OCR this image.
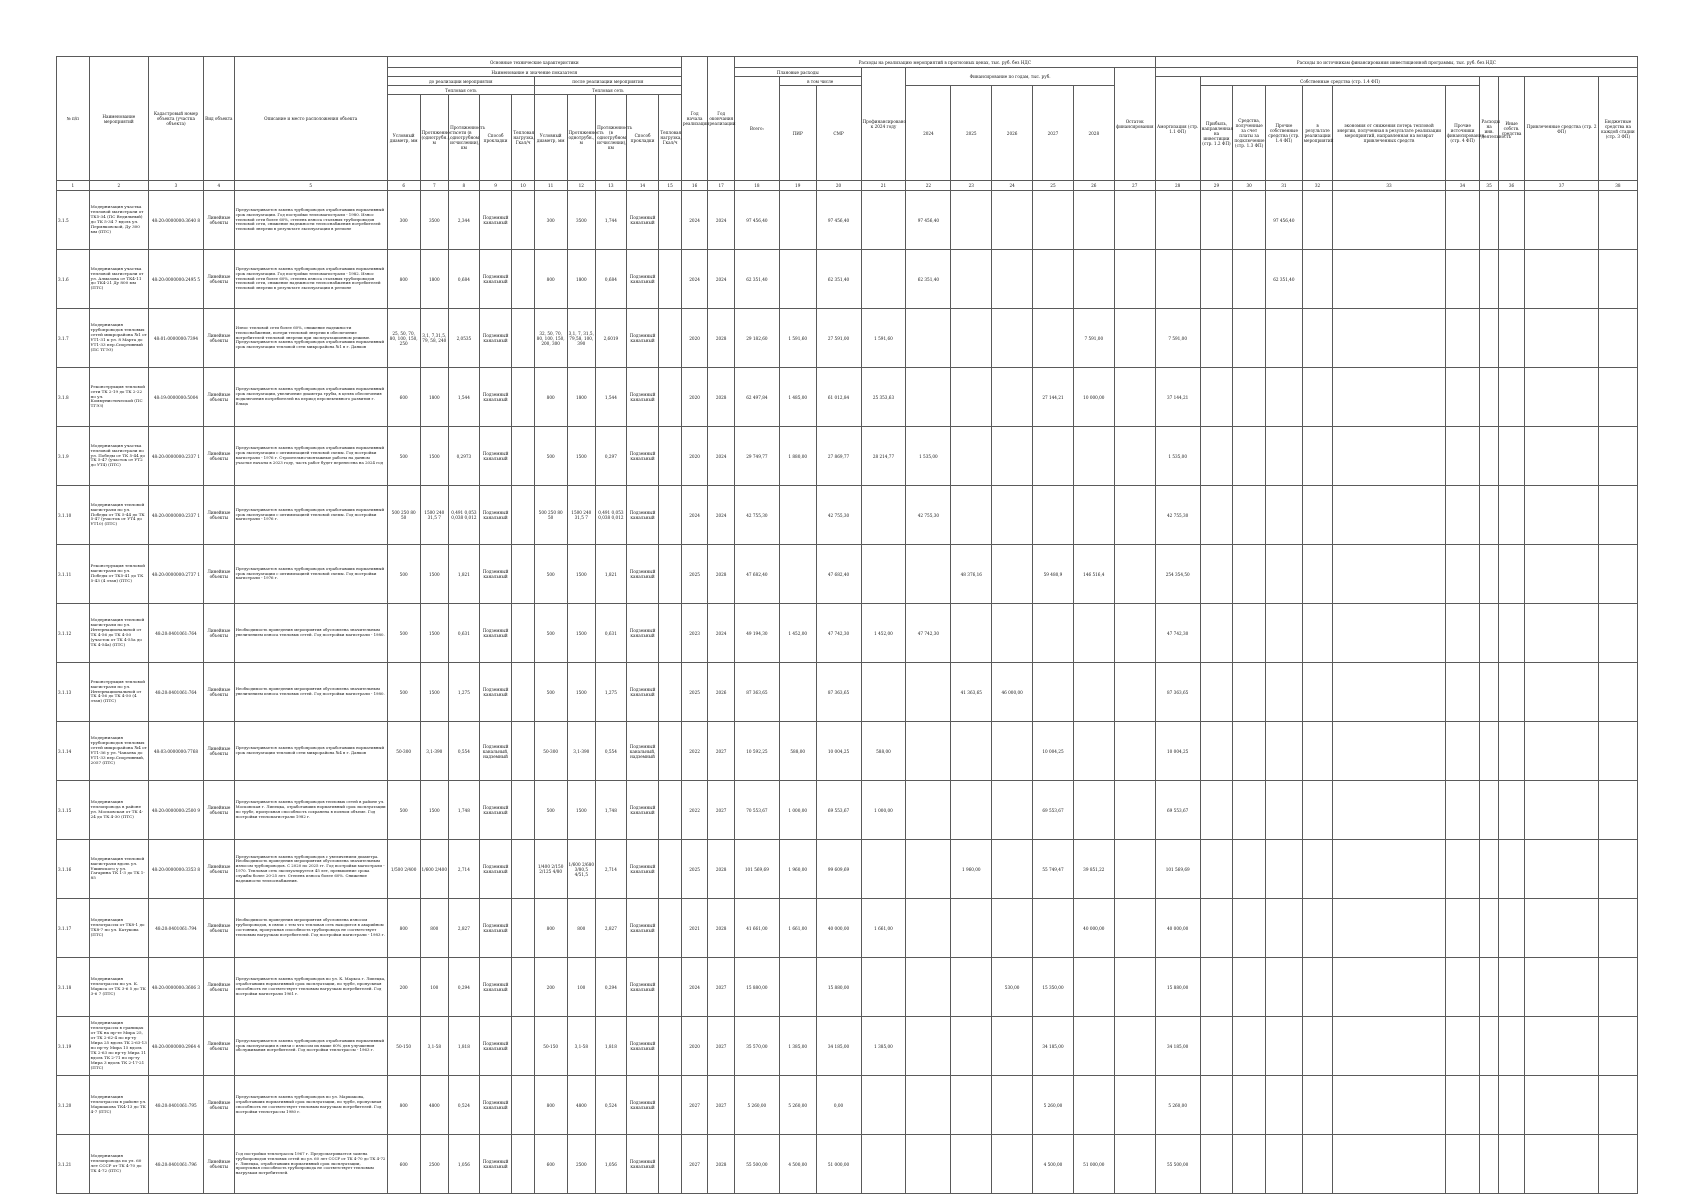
№ п/п	Наименование мероприятий	Кадастровый номер объекта (участка объекта)	Вид объекта	Описание и место расположения объекта	Основные технические характеристики										Год начала реализации	Год окончания реализации	Расходы на реализацию мероприятий в прогнозных ценах, тыс. руб. без НДС										Расходы по источникам финансирования инвестиционной программы, тыс. руб. без НДС										
					Наименование и значение показателя												Плановые расходы			Профинансировано к 2024 году	Финансирование по годам, тыс. руб.					Остаток финансирования											
					до реализации мероприятия					после реализации мероприятия							Всего:	в том числе									Амортизация (стр. 1.1 ФП)	Собственные средства (стр. 1.4 ФП)						Расходы на инв. деятельность	Иные собств. средства	Привлеченные средства (стр. 2 ФП)	Бюджетные средства на каждой стадии (стр. 3 ФП)
					Тепловая сеть					Тепловая сеть								ПИР	СМР		2024	2025	2026	2027	2028			Прибыль, направленная на инвестиции (стр. 1.2 ФП)	Средства, полученные за счет платы за подключение (стр. 1.3 ФП)	Прочие собственные средства (стр. 1.4 ФП)	в результате реализации мероприятий	экономия от снижения потерь тепловой энергии, полученная в результате реализации мероприятий, направленная на возврат привлеченных средств	Прочие источники финансирования (стр. 4 ФП)				
					Условный диаметр, мм	Протяженность (однотрубн.), м	Протяженность сети (в однотрубном исчислении), км	Способ прокладки	Тепловая нагрузка, Гкал/ч	Условный диаметр, мм	Протяженность однотрубн., м	Протяженность (в однотрубном исчислении), км	Способ прокладки	Тепловая нагрузка, Гкал/ч																							
1	2	3	4	5	6	7	8	9	10	11	12	13	14	15	16	17	18	19	20	21	22	23	24	25	26	27	28	29	30	31	32	33	34	35	36	37	38
3.1.5	Модернизация участка тепловой магистрали от ТК5-34 (ПС Ведильный) до ТК 5-34 7 вдоль ул. Пермяковской, Ду 300 мм (ПТС)	48:20:0000000:3640 8	Линейные объекты	Предусматривается замена трубопроводов отработавших нормативный срок эксплуатации. Год постройки тепломагистрали - 1980. Износ тепловой сети более 60%, степень износа стальных трубопроводов тепловой сети, снижение надежности теплоснабжения потребителей тепловой энергии в результате эксплуатации в регионе	300	3500	2,344	Подземный канальный		300	3500	1,744	Подземный канальный		2024	2024	97 456,40		97 456,40		97 456,40									97 456,40							
3.1.6	Модернизация участка тепловой магистрали от ул. Алмазова от ТК4-11 до ТК4-21 Ду 800 мм (ПТС)	48:20:0000000:2495 5	Линейные объекты	Предусматривается замена трубопроводов отработавших нормативный срок эксплуатации. Год постройки тепломагистрали - 1982. Износ тепловой сети более 60%, степень износа стальных трубопроводов тепловой сети, снижение надежности теплоснабжения потребителей тепловой энергии в результате эксплуатации в регионе	800	1800	0,684	Подземный канальный		800	1800	0,684	Подземный канальный		2024	2024	62 351,40		62 351,40		62 351,40									62 351,40							
3.1.7	Модернизация трубопроводов тепловых сетей микрорайона №1 от УТ1-31 к ул. 8 Марта до УТ1-33 пер.Спортивный (ПС ТГЭЗ)	48:01:0000000:7394	Линейные объекты	Износ тепловой сети более 60%, снижение надежности теплоснабжения, потери тепловой энергии в обеспечение потребителей тепловой энергии при эксплуатационном режиме. Предусматривается замена трубопроводов отработавших нормативный срок эксплуатации тепловой сети микрорайона №1 в г. Данков	25, 50, 70, 80, 100, 150, 250	3,1, 7,31,5, 79, 58, 240	2,0535	Подземный канальный		32, 50, 70, 80, 100, 150, 200, 300	3,1, 7, 31,5, 79,58, 100, 390	2,6019	Подземный канальный		2020	2028	29 182,60	1 591,60	27 591,00	1 591,60					7 591,00		7 591,00										
3.1.8	Реконструкция тепловой сети ТК 2-19 до ТК 2-22 по ул. Коммунистической (ПС ТГЭЗ)	48:19:0000000:5004	Линейные объекты	Предусматривается замена трубопроводов отработавших нормативный срок эксплуатации, увеличение диаметра трубы, в целях обеспечения подключения потребителей на период перспективного развития г. Ельца	600	1800	1,544	Подземный канальный		800	1800	1,544	Подземный канальный		2020	2028	62 497,84	1 485,00	61 012,84	25 353,63				27 144,21	10 000,00		37 144,21										
3.1.9	Модернизация участка тепловой магистрали по ул. Победы от ТК 5-44 до ТК 5-47 (участок от УТ2 до УТ4) (ПТС)	48:20:0000000:2337 1	Линейные объекты	Предусматривается замена трубопроводов отработавших нормативный срок эксплуатации с оптимизацией тепловой схемы. Год постройки магистрали - 1976 г. Строительно-монтажные работы на данном участке начаты в 2023 году, часть работ будет перенесена на 2024 год	500	1500	0,2973	Подземный канальный		500	1500	0,297	Подземный канальный		2020	2024	29 749,77	1 880,00	27 869,77	28 214,77	1 535,00						1 535,00										
3.1.10	Модернизация тепловой магистрали по ул. Победы от ТК 5-44 до ТК 5-47 (участок от УТ4 до УТ10) (ПТС)	48:20:0000000:2337 1	Линейные объекты	Предусматривается замена трубопроводов отработавших нормативный срок эксплуатации с оптимизацией тепловой схемы. Год постройки магистрали - 1976 г.	500 250 80 50	1500 240 31,5 7	0,491 0,053 0,038 0,012	Подземный канальный		500 250 80 50	1500 240 31,5 7	0,491 0,053 0,038 0,012	Подземный канальный		2024	2024	42 755,30		42 755,30		42 755,30						42 755,30										
3.1.11	Реконструкция тепловой магистрали по ул. Победы от ТК5-41 до ТК 5-43 (4 этап) (ПТС)	48:20:0000000:2737 1	Линейные объекты	Предусматривается замена трубопроводов отработавших нормативный срок эксплуатации с оптимизацией тепловой схемы. Год постройки магистрали - 1976 г.	500	1500	1,821	Подземный канальный		500	1500	1,821	Подземный канальный		2025	2028	47 682,40		47 682,40			48 376,16		59 480,9	146 516,4		254 354,50										
3.1.12	Модернизация тепловой магистрали по ул. Интернациональной от ТК 4-56 до ТК 4-50 (участок от ТК 4-55а до ТК 4-54а) (ПТС)	48:20:0401061:764	Линейные объекты	Необходимость проведения мероприятия обусловлена значительным увеличением износа тепловых сетей. Год постройки магистрали - 1980.	500	1500	0,631	Подземный канальный		500	1500	0,631	Подземный канальный		2023	2024	49 194,30	1 452,00	47 742,30	1 452,00	47 742,30						47 742,30										
3.1.13	Реконструкция тепловой магистрали по ул. Интернациональной от ТК 4-56 до ТК 4-50 (4 этап) (ПТС)	48:20:0401061:764	Линейные объекты	Необходимость проведения мероприятия обусловлена значительным увеличением износа тепловых сетей. Год постройки магистрали - 1980.	500	1500	1,275	Подземный канальный		500	1500	1,275	Подземный канальный		2025	2026	87 363,65		87 363,65			41 363,65	46 000,00				87 363,65										
3.1.14	Модернизация трубопроводов тепловых сетей микрорайона №4 от УТ1-36 у ул. Чапаева до УТ1-33 пер.Спортивный, 2057 (ПТС)	48:03:0000000:7768	Линейные объекты	Предусматривается замена трубопроводов отработавших нормативный срок эксплуатации тепловой сети микрорайона №4 в г. Данков	50-300	3,1-390	0,554	Подземный канальный, надземный		50-300	3,1-390	0,554	Подземный канальный, надземный		2022	2027	10 592,25	588,00	10 004,25	588,00				10 004,25			10 004,25										
3.1.15	Модернизация теплопровода в районе ул. Московская от ТК 4-24 до ТК 4-30 (ПТС)	48:20:0000000:2500 9	Линейные объекты	Предусматривается замена трубопроводов тепловых сетей в районе ул. Московская г. Липецка, отработавших нормативный срок эксплуатации по трубе, пропускная способность сохранена в полном объеме. Год постройки тепломагистрали 1982 г.	500	1500	1,748	Подземный канальный		500	1500	1,748	Подземный канальный		2022	2027	70 553,67	1 000,00	69 553,67	1 000,00				69 553,67			69 553,67										
3.1.16	Модернизация тепловой магистрали вдоль ул. Ушинского у ул. Гагарина ТК 1-3 до ТК 1-85	48:20:0000000:3353 8	Линейные объекты	Предусматривается замена трубопроводов с увеличением диаметра. Необходимость проведения мероприятия обусловлена значительным износом трубопроводов. С 2020 по 2025 гг. Год постройки магистрали - 1970. Тепловая сеть эксплуатируется 45 лет, превышение срока службы более 20-25 лет. Степень износа более 60%. Снижение надежности теплоснабжения.	1/500 2/400	1/600 2/400	2,714	Подземный канальный		1/400 2/150 2/125 4/80	1/600 2/680 3/80,5 4/51,5	2,714	Подземный канальный		2025	2028	101 569,69	1 960,00	99 609,69			1 960,00		55 749,47	39 851,22		101 569,69										
3.1.17	Модернизация теплотрассы от ТК8-1 до ТК8-7 по ул. Катукова (ПТС)	48:20:0401061:794	Линейные объекты	Необходимость проведения мероприятия обусловлена износом трубопроводов, в связи с тем что тепловая сеть находится в аварийном состоянии, пропускная способность трубопровода не соответствует тепловым нагрузкам потребителей. Год постройки магистрали - 1983 г.	800	800	2,827	Подземный канальный		800	800	2,827	Подземный канальный		2021	2028	41 661,00	1 661,00	40 000,00	1 661,00					40 000,00		40 000,00										
3.1.18	Модернизация теплотрассы по ул. К. Маркса от ТК 3-6 5 до ТК 3-6 7 (ПТС)	48:20:0000000:3606 3	Линейные объекты	Предусматривается замена трубопроводов по ул. К. Маркса г. Липецка, отработавших нормативный срок эксплуатации, по трубе, пропускная способность не соответствует тепловым нагрузкам потребителей. Год постройки магистрали 1961 г.	200	100	0,294	Подземный канальный		200	100	0,294	Подземный канальный		2024	2027	15 880,00		15 880,00				530,00	15 350,00			15 880,00										
3.1.19	Модернизация теплотрассы в границах от ТК на пр-те Мира 25, от ТК 2-62-4 по пр-ту Мира 25 вдоль ТК 2-63-13 по пр-ту Мира 15 вдоль ТК 2-63 по пр-ту Мира 11 вдоль ТК 2-71 по пр-ту Мира 3 вдоль ТК 2-17-21 (ПТС)	48:20:0000000:2964 4	Линейные объекты	Предусматривается замена трубопроводов отработавших нормативный срок эксплуатации в связи с износом их выше 60% для улучшения обслуживания потребителей. Год постройки теплотрассы - 1963 г.	50-150	3,1-58	1,818	Подземный канальный		50-150	3,1-58	1,818	Подземный канальный		2020	2027	35 570,00	1 385,00	34 185,00	1 385,00				34 185,00			34 185,00										
3.1.20	Модернизация теплотрассы в районе ул. Маршакова ТК4-13 до ТК 4-7 (ПТС)	48:20:0401061:795	Линейные объекты	Предусматривается замена трубопроводов по ул. Маршакова, отработавших нормативный срок эксплуатации, по трубе, пропускная способность не соответствует тепловым нагрузкам потребителей. Год постройки теплотрассы 1980 г.	800	4800	0,524	Подземный канальный		800	4800	0,524	Подземный канальный		2027	2027	5 260,00	5 260,00	0,00					5 260,00			5 260,00										
3.1.21	Модернизация теплопровода по ул. 60 лет СССР от ТК 4-70 до ТК 4-72 (ПТС)	48:20:0401061:796	Линейные объекты	Год постройки теплотрассы 1967 г. Предусматривается замена трубопроводов тепловых сетей по ул. 60 лет СССР от ТК 4-70 до ТК 4-72 г. Липецка, отработавших нормативный срок эксплуатации, пропускная способность трубопровода не соответствует тепловым нагрузкам потребителей.	600	2500	1,056	Подземный канальный		600	2500	1,056	Подземный канальный		2027	2028	55 500,00	4 500,00	51 000,00					4 500,00	51 000,00		55 500,00										
